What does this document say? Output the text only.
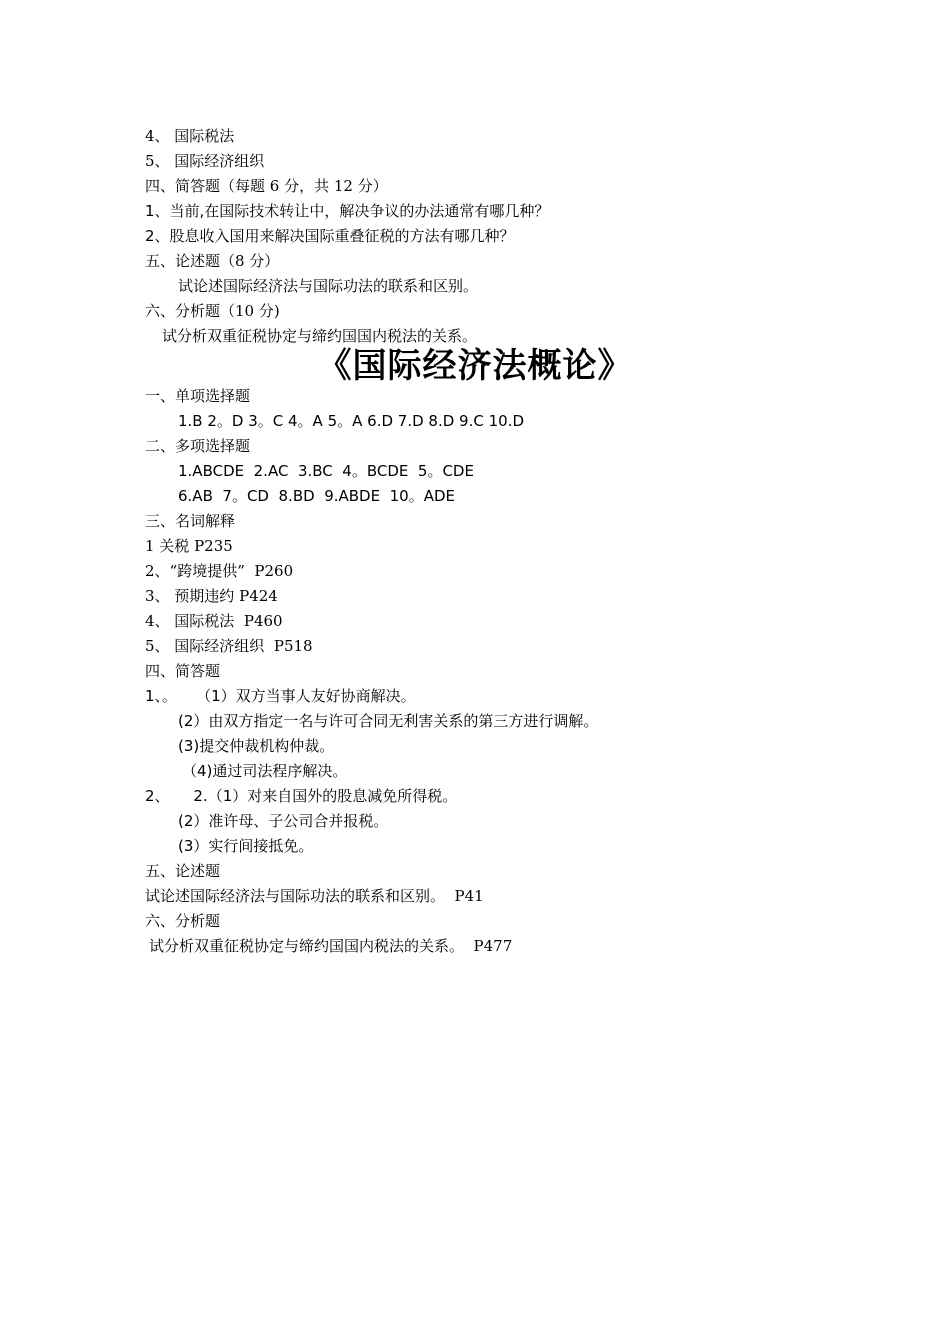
4、 国际税法
5、 国际经济组织
四、简答题（每题 6 分，共 12 分）
1、当前,在国际技术转让中，解决争议的办法通常有哪几种？
2、股息收入国用来解决国际重叠征税的方法有哪几种？
五、论述题（8 分）
试论述国际经济法与国际功法的联系和区别。
六、分析题（10 分)
试分析双重征税协定与缔约国国内税法的关系。
《国际经济法概论》
一、单项选择题
1.B 2。D 3。C 4。A 5。A 6.D 7.D 8.D 9.C 10.D
二、多项选择题
1.ABCDE  2.AC  3.BC  4。BCDE  5。CDE
6.AB  7。CD  8.BD  9.ABDE  10。ADE
三、名词解释
1 关税 P235
2、“跨境提供”  P260
3、 预期违约 P424
4、 国际税法  P460
5、 国际经济组织  P518
四、简答题
1、。    （1）双方当事人友好协商解决。
(2）由双方指定一名与许可合同无利害关系的第三方进行调解。
(3)提交仲裁机构仲裁。
（4)通过司法程序解决。
2、     2.（1）对来自国外的股息减免所得税。
(2）准许母、子公司合并报税。
(3）实行间接抵免。
五、论述题
试论述国际经济法与国际功法的联系和区别。  P41
六、分析题
试分析双重征税协定与缔约国国内税法的关系。  P477
